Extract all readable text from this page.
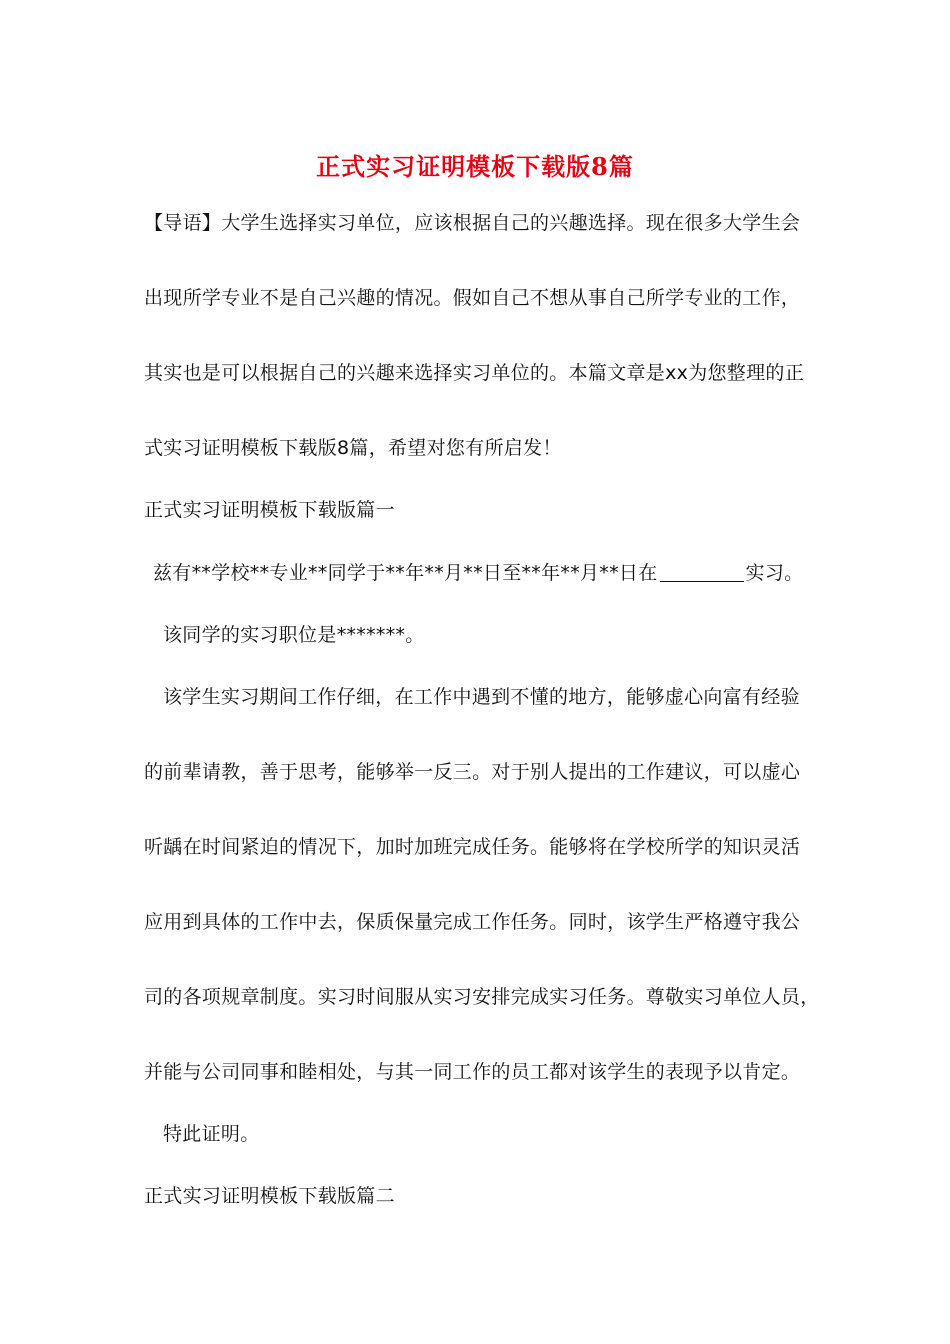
正式实习证明模板下载版8篇
【导语】大学生选择实习单位，应该根据自己的兴趣选择。现在很多大学生会
出现所学专业不是自己兴趣的情况。假如自己不想从事自己所学专业的工作，
其实也是可以根据自己的兴趣来选择实习单位的。本篇文章是xx为您整理的正
式实习证明模板下载版8篇，希望对您有所启发！
正式实习证明模板下载版篇一
兹有**学校**专业**同学于**年**月**日至**年**月**日在	实习。
该同学的实习职位是*******。
该学生实习期间工作仔细，在工作中遇到不懂的地方，能够虚心向富有经验
的前辈请教，善于思考，能够举一反三。对于别人提出的工作建议，可以虚心
听龋在时间紧迫的情况下，加时加班完成任务。能够将在学校所学的知识灵活
应用到具体的工作中去，保质保量完成工作任务。同时，该学生严格遵守我公
司的各项规章制度。实习时间服从实习安排完成实习任务。尊敬实习单位人员，
并能与公司同事和睦相处，与其一同工作的员工都对该学生的表现予以肯定。
特此证明。
正式实习证明模板下载版篇二
